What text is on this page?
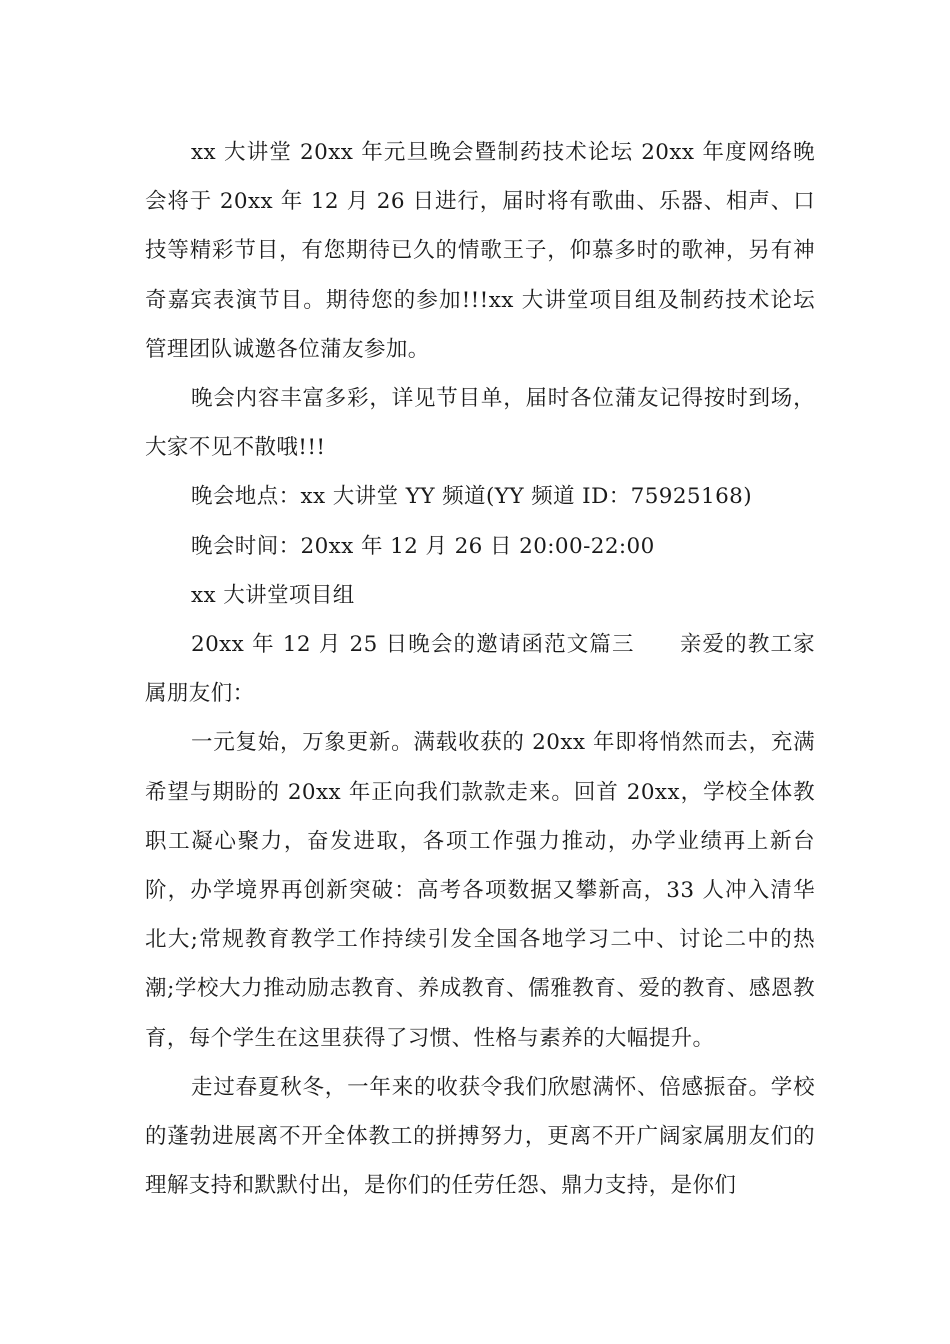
xx 大讲堂 20xx 年元旦晚会暨制药技术论坛 20xx 年度网络晚会将于 20xx 年 12 月 26 日进行，届时将有歌曲、乐器、相声、口技等精彩节目，有您期待已久的情歌王子，仰慕多时的歌神，另有神奇嘉宾表演节目。期待您的参加!!!xx 大讲堂项目组及制药技术论坛管理团队诚邀各位蒲友参加。

晚会内容丰富多彩，详见节目单，届时各位蒲友记得按时到场，大家不见不散哦!!!

晚会地点：xx 大讲堂 YY 频道(YY 频道 ID：75925168)

晚会时间：20xx 年 12 月 26 日 20:00-22:00

xx 大讲堂项目组

20xx 年 12 月 25 日晚会的邀请函范文篇三　　亲爱的教工家属朋友们：

一元复始，万象更新。满载收获的 20xx 年即将悄然而去，充满希望与期盼的 20xx 年正向我们款款走来。回首 20xx，学校全体教职工凝心聚力，奋发进取，各项工作强力推动，办学业绩再上新台阶，办学境界再创新突破：高考各项数据又攀新高，33 人冲入清华北大;常规教育教学工作持续引发全国各地学习二中、讨论二中的热潮;学校大力推动励志教育、养成教育、儒雅教育、爱的教育、感恩教育，每个学生在这里获得了习惯、性格与素养的大幅提升。

走过春夏秋冬，一年来的收获令我们欣慰满怀、倍感振奋。学校的蓬勃进展离不开全体教工的拼搏努力，更离不开广阔家属朋友们的理解支持和默默付出，是你们的任劳任怨、鼎力支持，是你们
